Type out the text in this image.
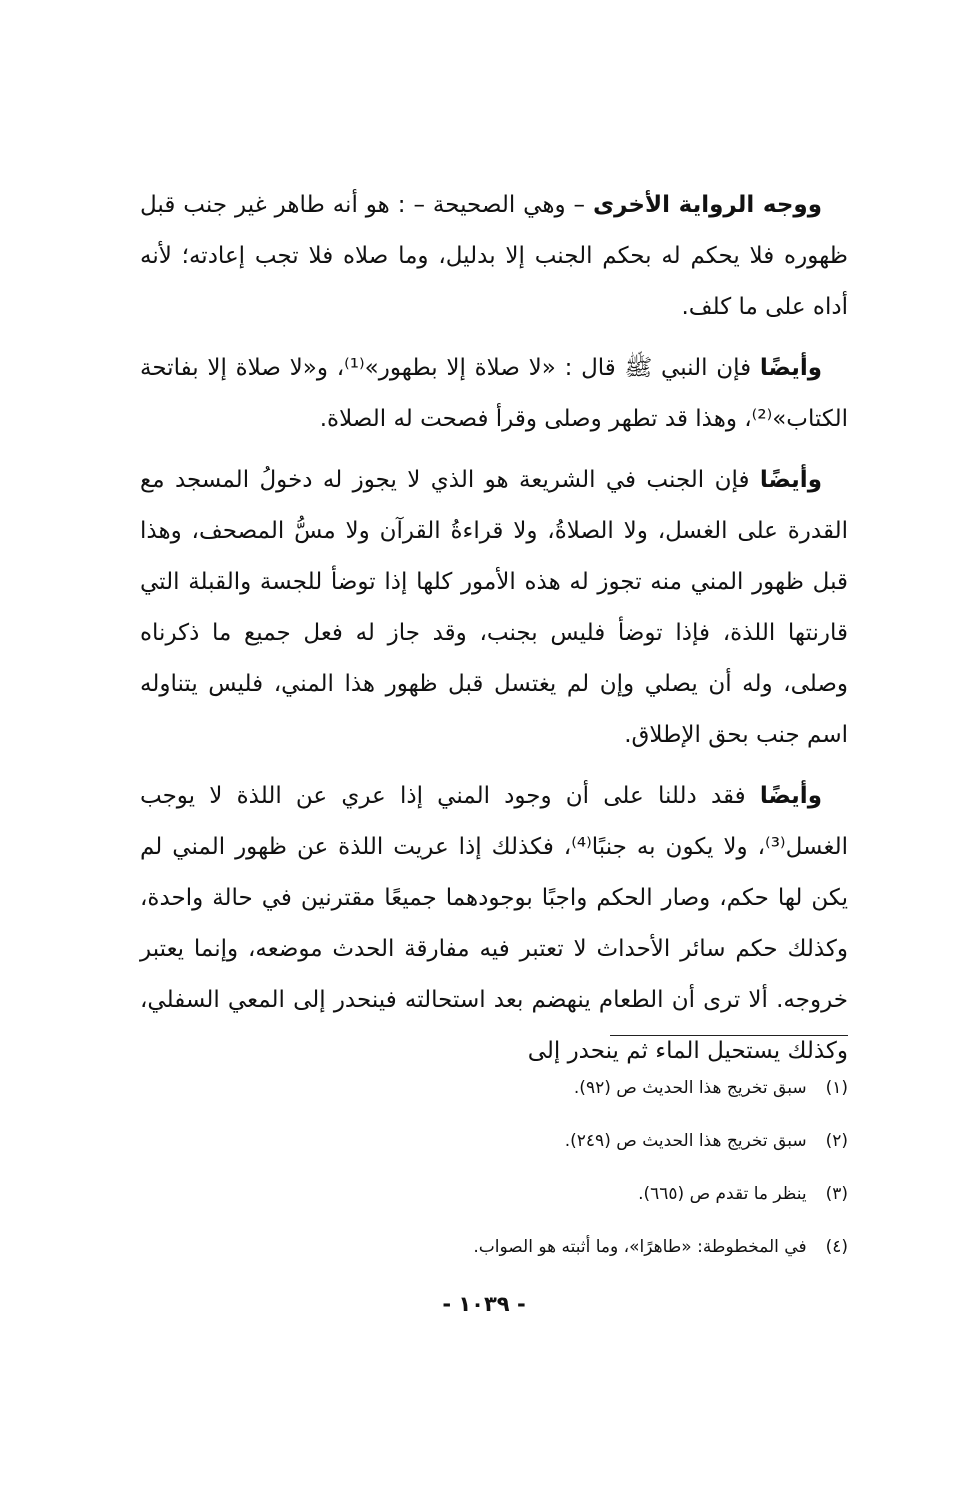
ووجه الرواية الأخرى – وهي الصحيحة – : هو أنه طاهر غير جنب قبل ظهوره فلا يحكم له بحكم الجنب إلا بدليل، وما صلاه فلا تجب إعادته؛ لأنه أداه على ما كلف.

وأيضًا فإن النبي ﷺ قال : «لا صلاة إلا بطهور»⁽¹⁾، و«لا صلاة إلا بفاتحة الكتاب»⁽²⁾، وهذا قد تطهر وصلى وقرأ فصحت له الصلاة.

وأيضًا فإن الجنب في الشريعة هو الذي لا يجوز له دخولُ المسجد مع القدرة على الغسل، ولا الصلاةُ، ولا قراءةُ القرآن ولا مسُّ المصحف، وهذا قبل ظهور المني منه تجوز له هذه الأمور كلها إذا توضأ للجسة والقبلة التي قارنتها اللذة، فإذا توضأ فليس بجنب، وقد جاز له فعل جميع ما ذكرناه وصلى، وله أن يصلي وإن لم يغتسل قبل ظهور هذا المني، فليس يتناوله اسم جنب بحق الإطلاق.

وأيضًا فقد دللنا على أن وجود المني إذا عري عن اللذة لا يوجب الغسل⁽³⁾، ولا يكون به جنبًا⁽⁴⁾، فكذلك إذا عريت اللذة عن ظهور المني لم يكن لها حكم، وصار الحكم واجبًا بوجودهما جميعًا مقترنين في حالة واحدة، وكذلك حكم سائر الأحداث لا تعتبر فيه مفارقة الحدث موضعه، وإنما يعتبر خروجه. ألا ترى أن الطعام ينهضم بعد استحالته فينحدر إلى المعي السفلي، وكذلك يستحيل الماء ثم ينحدر إلى

(١) سبق تخريج هذا الحديث ص (٩٢).
(٢) سبق تخريج هذا الحديث ص (٢٤٩).
(٣) ينظر ما تقدم ص (٦٦٥).
(٤) في المخطوطة: «طاهرًا»، وما أثبته هو الصواب.
- ١٠٣٩ -
